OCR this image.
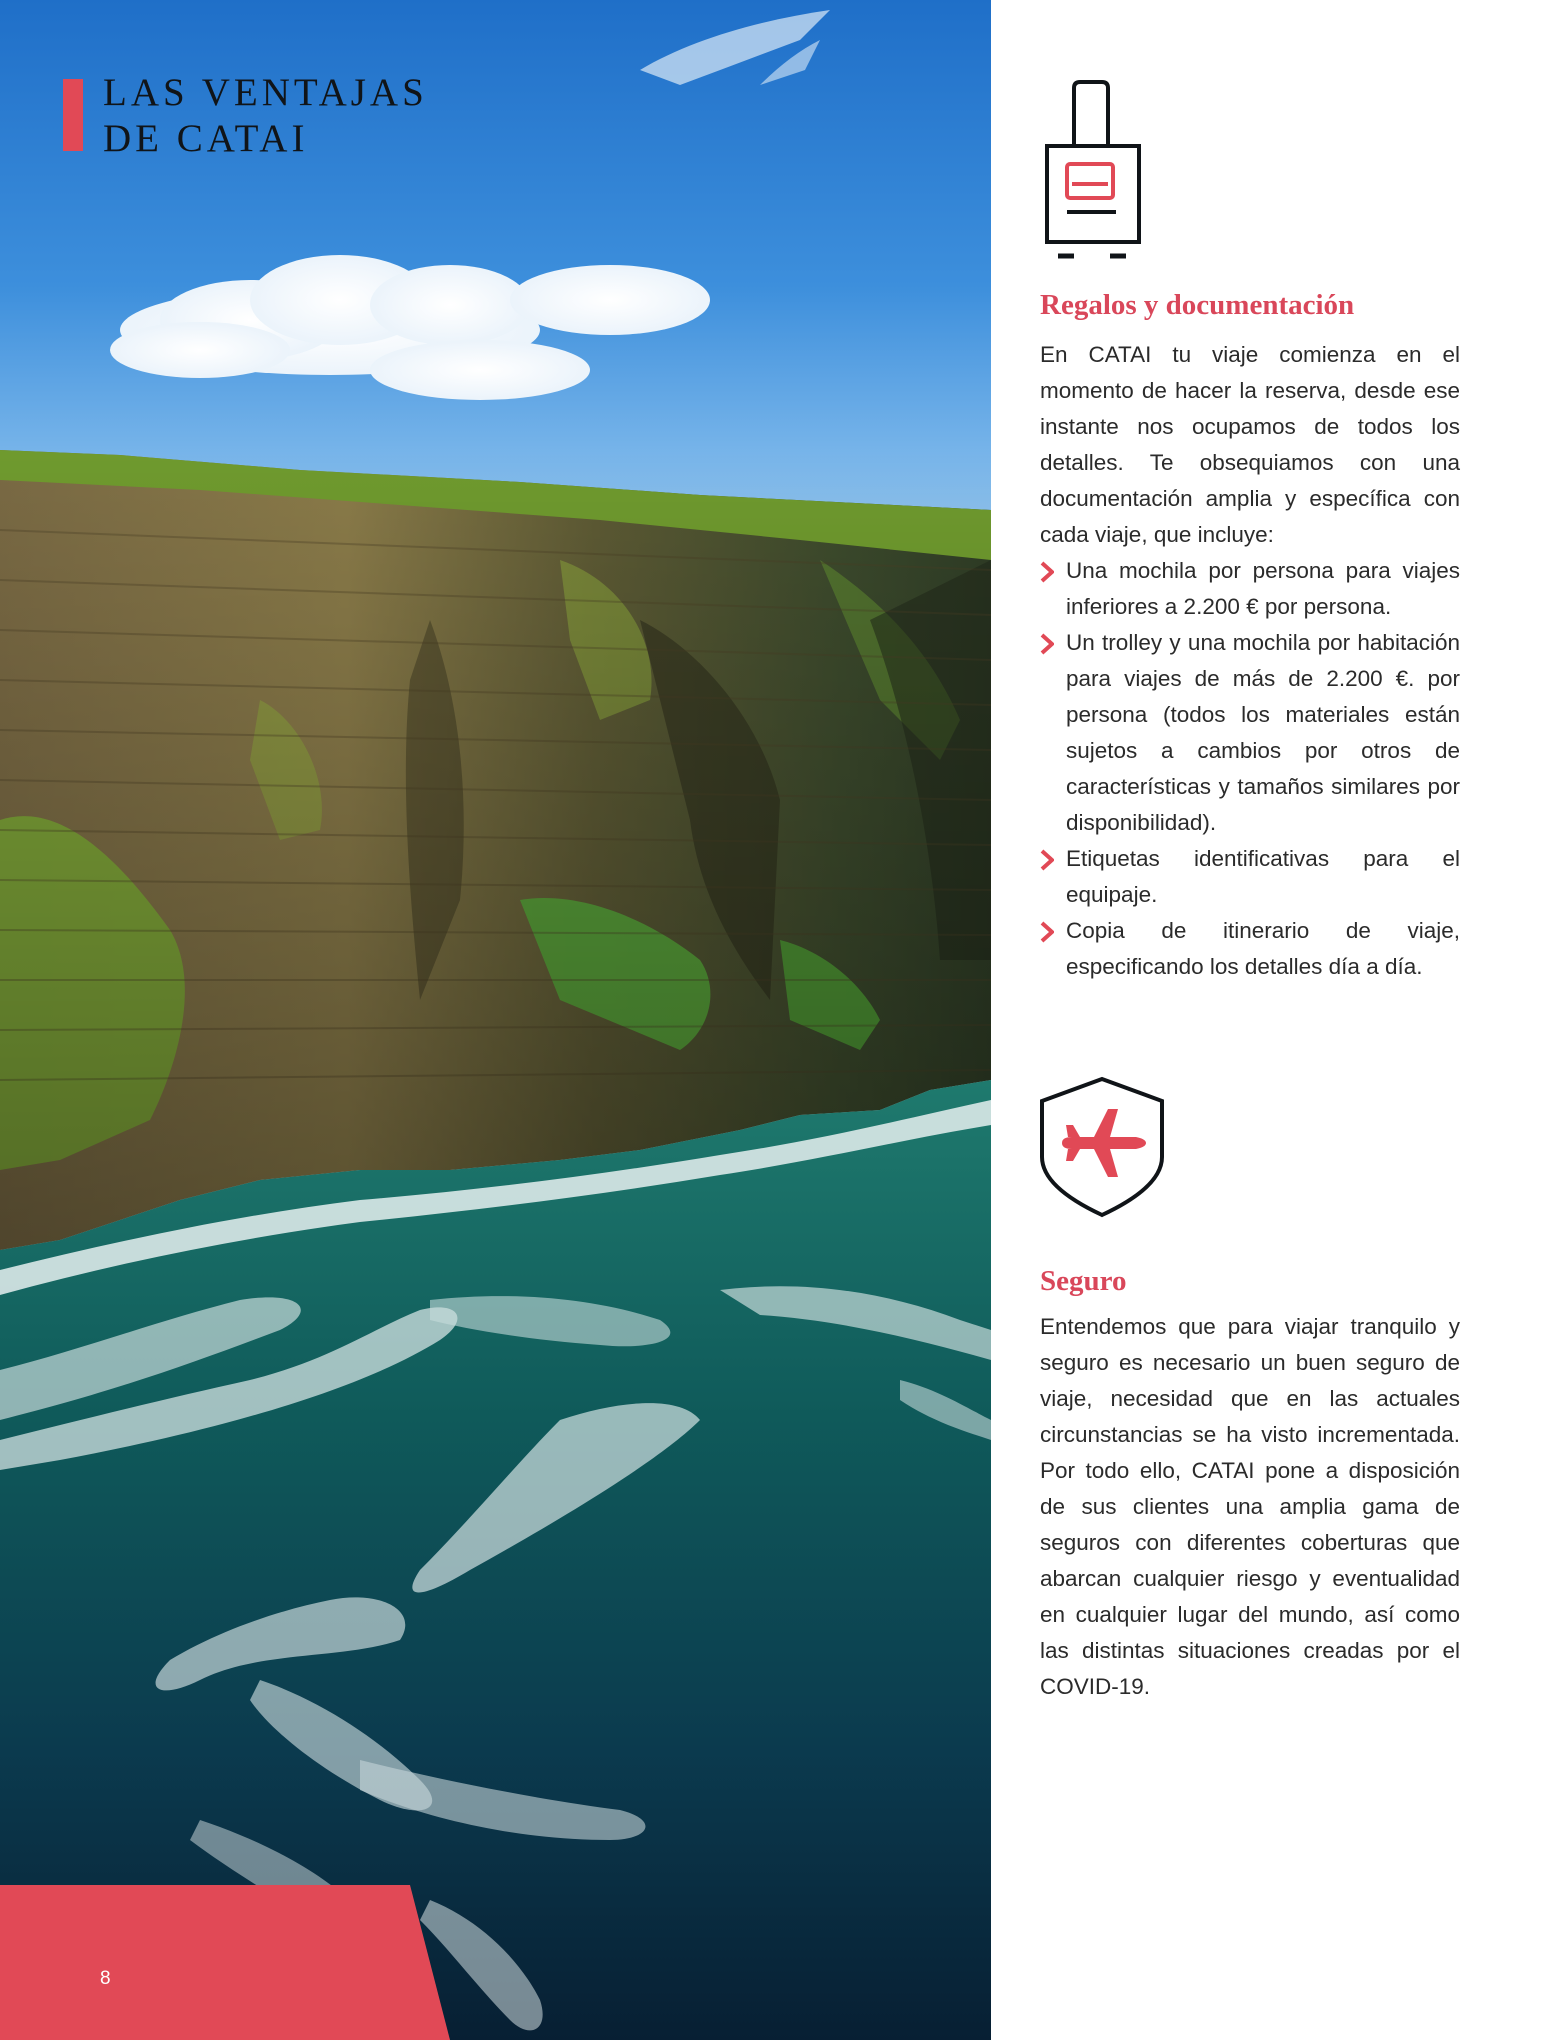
LAS VENTAJAS
DE CATAI
8
Regalos y documentación

En CATAI tu viaje comienza en el momento de hacer la reserva, desde ese instante nos ocupamos de todos los detalles. Te obsequiamos con una documentación amplia y específica con cada viaje, que incluye:

Una mochila por persona para viajes inferiores a 2.200 € por persona.
Un trolley y una mochila por habitación para viajes de más de 2.200 €. por persona (todos los materiales están sujetos a cambios por otros de características y tamaños similares por disponibilidad).
Etiquetas identificativas para el equipaje.
Copia de itinerario de viaje, especificando los detalles día a día.
Seguro

Entendemos que para viajar tranquilo y seguro es necesario un buen seguro de viaje, necesidad que en las actuales circunstancias se ha visto incrementada. Por todo ello, CATAI pone a disposición de sus clientes una amplia gama de seguros con diferentes coberturas que abarcan cualquier riesgo y eventualidad en cualquier lugar del mundo, así como las distintas situaciones creadas por el COVID-19.
